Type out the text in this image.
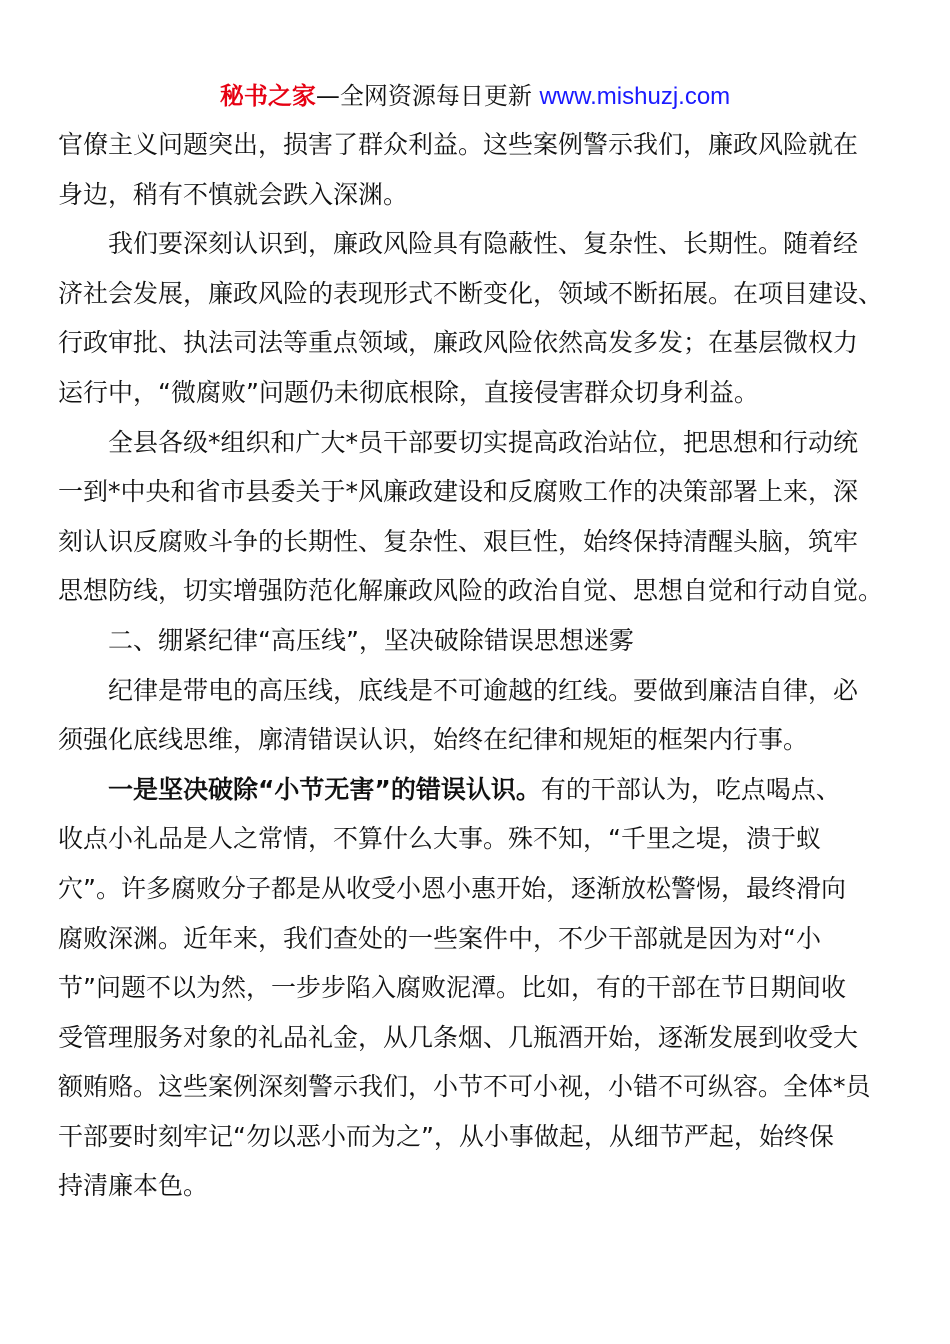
秘书之家—全网资源每日更新 www.mishuzj.com
官僚主义问题突出，损害了群众利益。这些案例警示我们，廉政风险就在
身边，稍有不慎就会跌入深渊。
我们要深刻认识到，廉政风险具有隐蔽性、复杂性、长期性。随着经
济社会发展，廉政风险的表现形式不断变化，领域不断拓展。在项目建设、
行政审批、执法司法等重点领域，廉政风险依然高发多发；在基层微权力
运行中，“微腐败”问题仍未彻底根除，直接侵害群众切身利益。
全县各级*组织和广大*员干部要切实提高政治站位，把思想和行动统
一到*中央和省市县委关于*风廉政建设和反腐败工作的决策部署上来，深
刻认识反腐败斗争的长期性、复杂性、艰巨性，始终保持清醒头脑，筑牢
思想防线，切实增强防范化解廉政风险的政治自觉、思想自觉和行动自觉。
二、绷紧纪律“高压线”，坚决破除错误思想迷雾
纪律是带电的高压线，底线是不可逾越的红线。要做到廉洁自律，必
须强化底线思维，廓清错误认识，始终在纪律和规矩的框架内行事。
一是坚决破除“小节无害”的错误认识。有的干部认为，吃点喝点、
收点小礼品是人之常情，不算什么大事。殊不知，“千里之堤，溃于蚁
穴”。许多腐败分子都是从收受小恩小惠开始，逐渐放松警惕，最终滑向
腐败深渊。近年来，我们查处的一些案件中，不少干部就是因为对“小
节”问题不以为然，一步步陷入腐败泥潭。比如，有的干部在节日期间收
受管理服务对象的礼品礼金，从几条烟、几瓶酒开始，逐渐发展到收受大
额贿赂。这些案例深刻警示我们，小节不可小视，小错不可纵容。全体*员
干部要时刻牢记“勿以恶小而为之”，从小事做起，从细节严起，始终保
持清廉本色。
